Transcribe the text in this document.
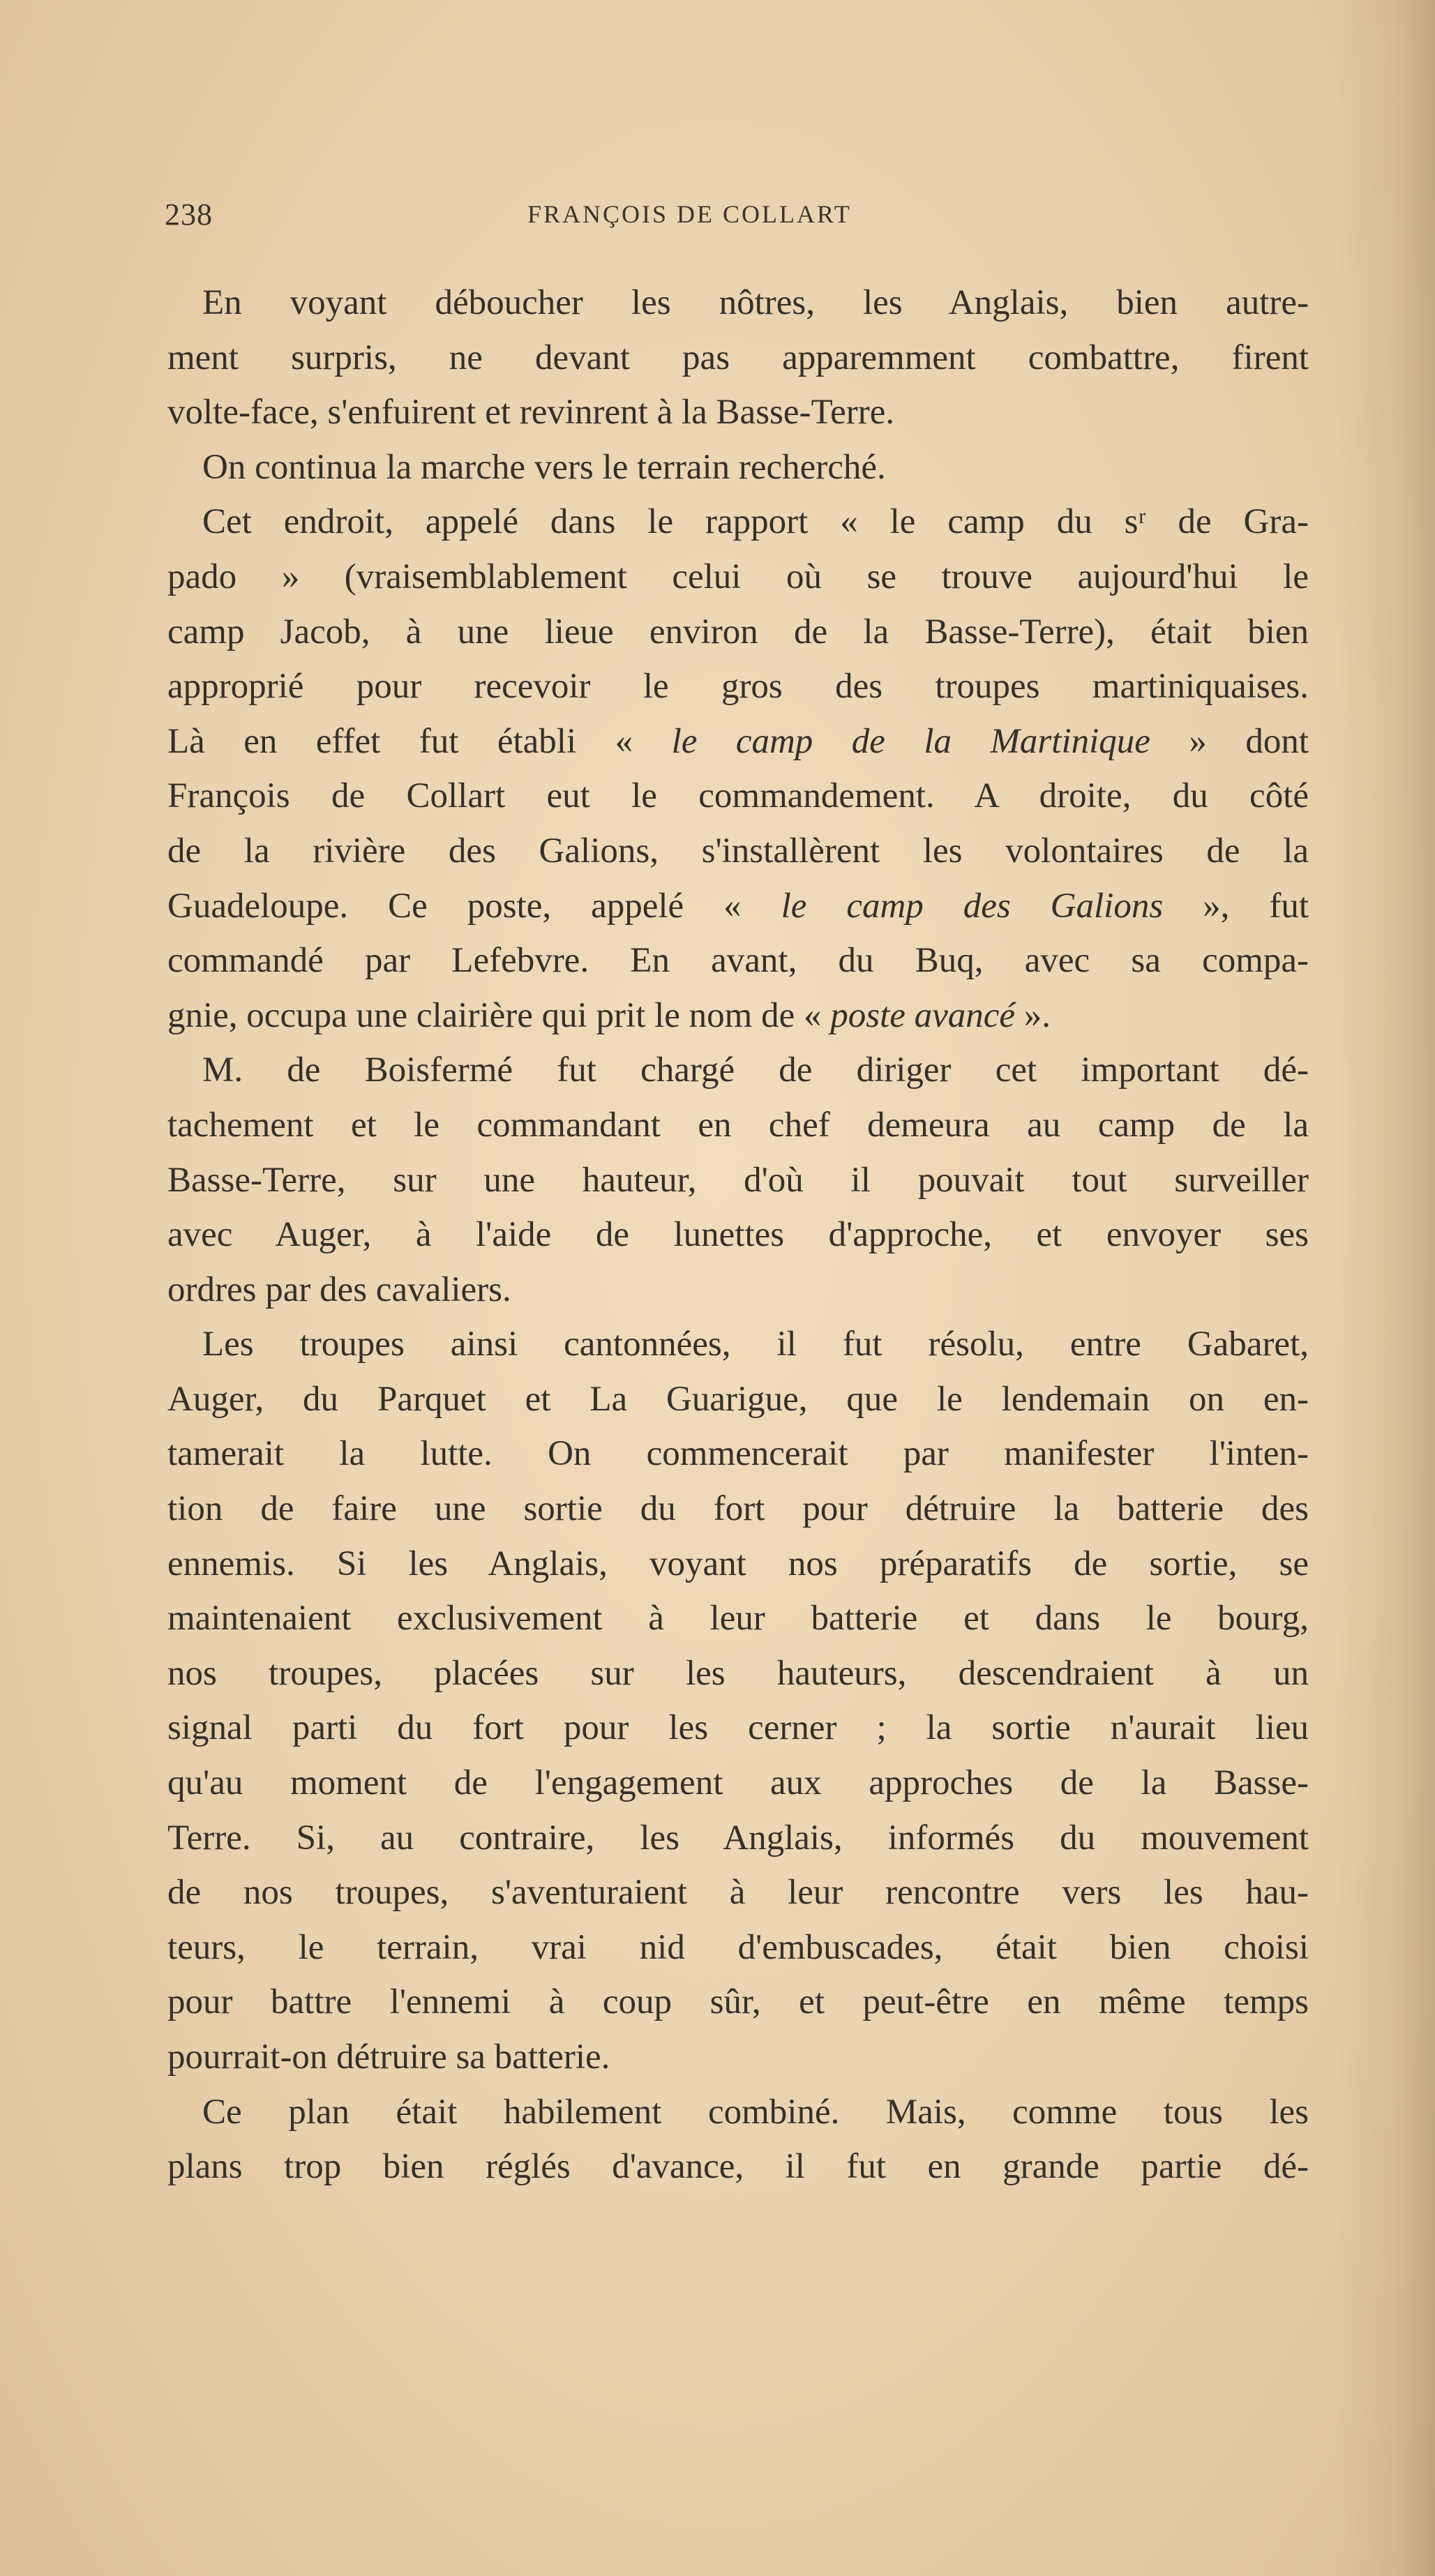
238	FRANÇOIS DE COLLART
En voyant déboucher les nôtres, les Anglais, bien autre-
ment surpris, ne devant pas apparemment combattre, firent
volte-face, s'enfuirent et revinrent à la Basse-Terre.
On continua la marche vers le terrain recherché.
Cet endroit, appelé dans le rapport « le camp du sʳ de Gra-
pado » (vraisemblablement celui où se trouve aujourd'hui le
camp Jacob, à une lieue environ de la Basse-Terre), était bien
approprié pour recevoir le gros des troupes martiniquaises.
Là en effet fut établi « le camp de la Martinique » dont
François de Collart eut le commandement. A droite, du côté
de la rivière des Galions, s'installèrent les volontaires de la
Guadeloupe. Ce poste, appelé « le camp des Galions », fut
commandé par Lefebvre. En avant, du Buq, avec sa compa-
gnie, occupa une clairière qui prit le nom de « poste avancé ».
M. de Boisfermé fut chargé de diriger cet important dé-
tachement et le commandant en chef demeura au camp de la
Basse-Terre, sur une hauteur, d'où il pouvait tout surveiller
avec Auger, à l'aide de lunettes d'approche, et envoyer ses
ordres par des cavaliers.
Les troupes ainsi cantonnées, il fut résolu, entre Gabaret,
Auger, du Parquet et La Guarigue, que le lendemain on en-
tamerait la lutte. On commencerait par manifester l'inten-
tion de faire une sortie du fort pour détruire la batterie des
ennemis. Si les Anglais, voyant nos préparatifs de sortie, se
maintenaient exclusivement à leur batterie et dans le bourg,
nos troupes, placées sur les hauteurs, descendraient à un
signal parti du fort pour les cerner ; la sortie n'aurait lieu
qu'au moment de l'engagement aux approches de la Basse-
Terre. Si, au contraire, les Anglais, informés du mouvement
de nos troupes, s'aventuraient à leur rencontre vers les hau-
teurs, le terrain, vrai nid d'embuscades, était bien choisi
pour battre l'ennemi à coup sûr, et peut-être en même temps
pourrait-on détruire sa batterie.
Ce plan était habilement combiné. Mais, comme tous les
plans trop bien réglés d'avance, il fut en grande partie dé-
